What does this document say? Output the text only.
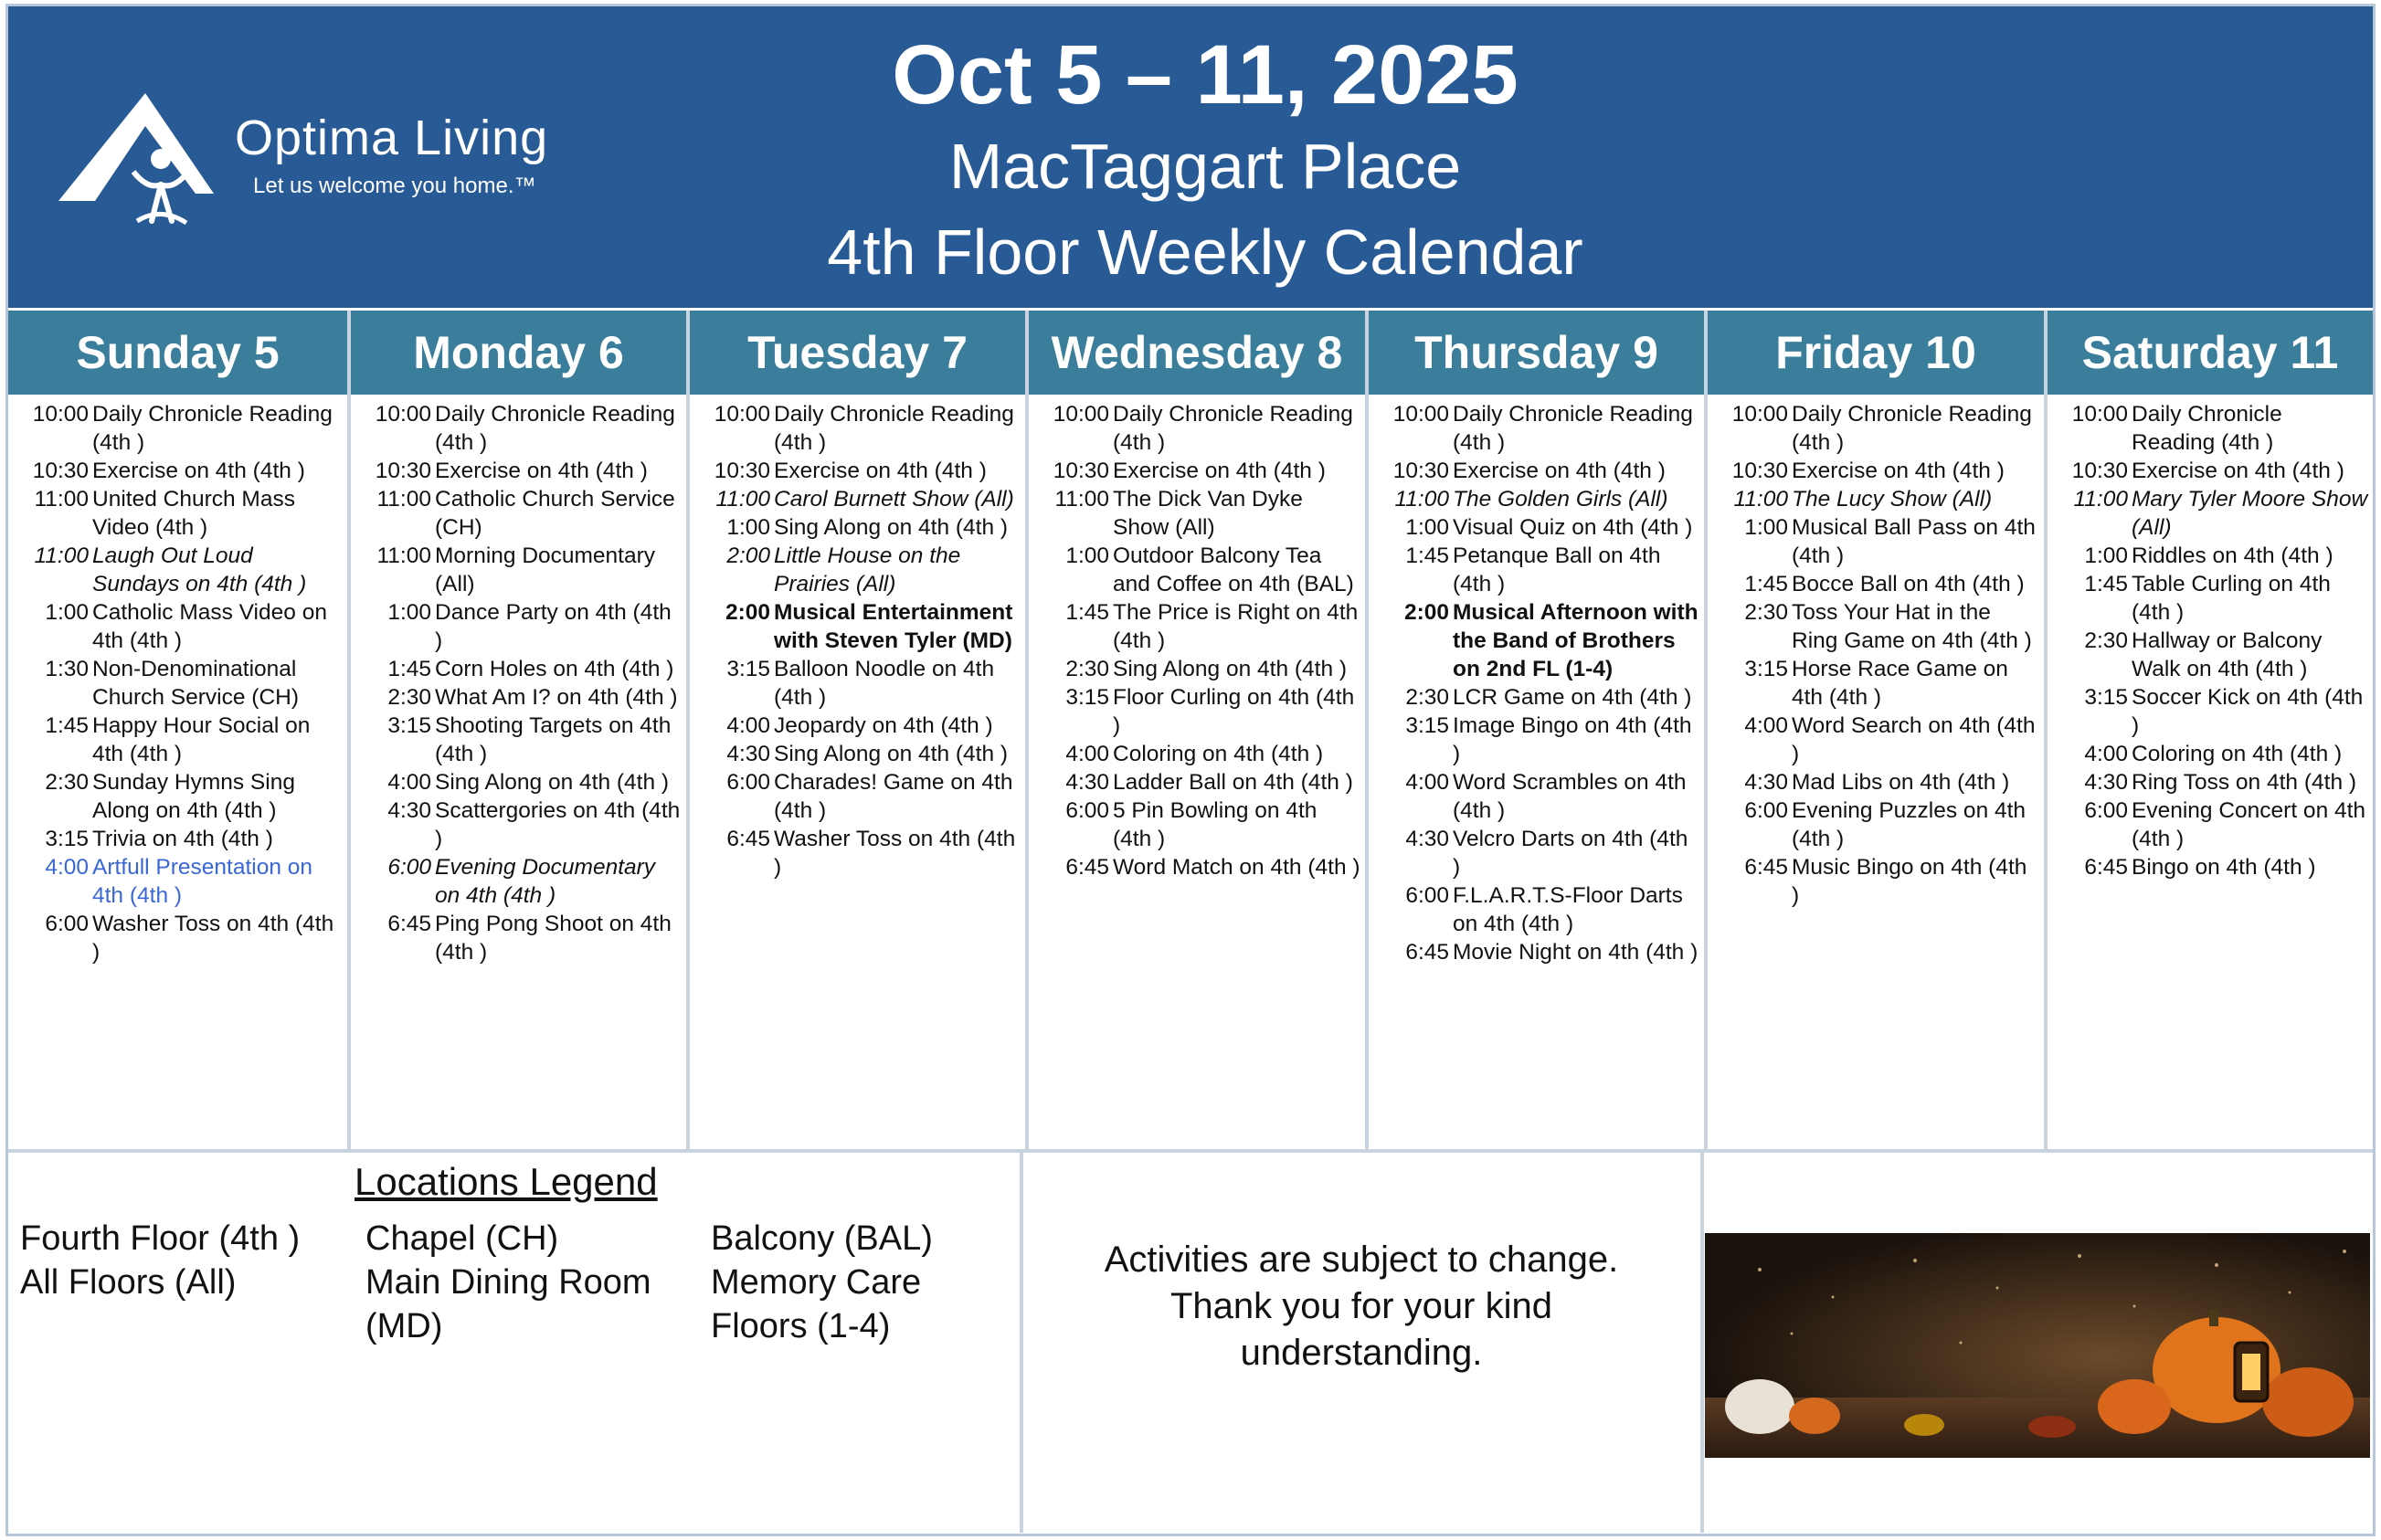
Optima Living
Let us welcome you home.™
Oct 5 – 11, 2025
MacTaggart Place
4th Floor Weekly Calendar
Sunday 5
10:00 Daily Chronicle Reading (4th )
10:30 Exercise on 4th (4th )
11:00 United Church Mass Video (4th )
11:00 Laugh Out Loud Sundays on 4th (4th )
1:00 Catholic Mass Video on 4th (4th )
1:30 Non-Denominational Church Service (CH)
1:45 Happy Hour Social on 4th (4th )
2:30 Sunday Hymns Sing Along on 4th (4th )
3:15 Trivia on 4th (4th )
4:00 Artfull Presentation on 4th (4th )
6:00 Washer Toss on 4th (4th )
Monday 6
10:00 Daily Chronicle Reading (4th )
10:30 Exercise on 4th (4th )
11:00 Catholic Church Service (CH)
11:00 Morning Documentary (All)
1:00 Dance Party on 4th (4th )
1:45 Corn Holes on 4th (4th )
2:30 What Am I? on 4th (4th )
3:15 Shooting Targets on 4th (4th )
4:00 Sing Along on 4th (4th )
4:30 Scattergories on 4th (4th )
6:00 Evening Documentary on 4th (4th )
6:45 Ping Pong Shoot on 4th (4th )
Tuesday 7
10:00 Daily Chronicle Reading (4th )
10:30 Exercise on 4th (4th )
11:00 Carol Burnett Show (All)
1:00 Sing Along on 4th (4th )
2:00 Little House on the Prairies (All)
2:00 Musical Entertainment with Steven Tyler (MD)
3:15 Balloon Noodle on 4th (4th )
4:00 Jeopardy on 4th (4th )
4:30 Sing Along on 4th (4th )
6:00 Charades! Game on 4th (4th )
6:45 Washer Toss on 4th (4th )
Wednesday 8
10:00 Daily Chronicle Reading (4th )
10:30 Exercise on 4th (4th )
11:00 The Dick Van Dyke Show (All)
1:00 Outdoor Balcony Tea and Coffee on 4th (BAL)
1:45 The Price is Right on 4th (4th )
2:30 Sing Along on 4th (4th )
3:15 Floor Curling on 4th (4th )
4:00 Coloring on 4th (4th )
4:30 Ladder Ball on 4th (4th )
6:00 5 Pin Bowling on 4th (4th )
6:45 Word Match on 4th (4th )
Thursday 9
10:00 Daily Chronicle Reading (4th )
10:30 Exercise on 4th (4th )
11:00 The Golden Girls (All)
1:00 Visual Quiz on 4th (4th )
1:45 Petanque Ball on 4th (4th )
2:00 Musical Afternoon with the Band of Brothers on 2nd FL (1-4)
2:30 LCR Game on 4th (4th )
3:15 Image Bingo on 4th (4th )
4:00 Word Scrambles on 4th (4th )
4:30 Velcro Darts on 4th (4th )
6:00 F.L.A.R.T.S-Floor Darts on 4th (4th )
6:45 Movie Night on 4th (4th )
Friday 10
10:00 Daily Chronicle Reading (4th )
10:30 Exercise on 4th (4th )
11:00 The Lucy Show (All)
1:00 Musical Ball Pass on 4th (4th )
1:45 Bocce Ball on 4th (4th )
2:30 Toss Your Hat in the Ring Game on 4th (4th )
3:15 Horse Race Game on 4th (4th )
4:00 Word Search on 4th (4th )
4:30 Mad Libs on 4th (4th )
6:00 Evening Puzzles on 4th (4th )
6:45 Music Bingo on 4th (4th )
Saturday 11
10:00 Daily Chronicle Reading (4th )
10:30 Exercise on 4th (4th )
11:00 Mary Tyler Moore Show (All)
1:00 Riddles on 4th (4th )
1:45 Table Curling on 4th (4th )
2:30 Hallway or Balcony Walk on 4th (4th )
3:15 Soccer Kick on 4th (4th )
4:00 Coloring on 4th (4th )
4:30 Ring Toss on 4th (4th )
6:00 Evening Concert on 4th (4th )
6:45 Bingo on 4th (4th )
Locations Legend
Fourth Floor (4th )
All Floors (All)
Chapel (CH)
Main Dining Room
(MD)
Balcony (BAL)
Memory Care
Floors (1-4)
Activities are subject to change.
Thank you for your kind
understanding.
